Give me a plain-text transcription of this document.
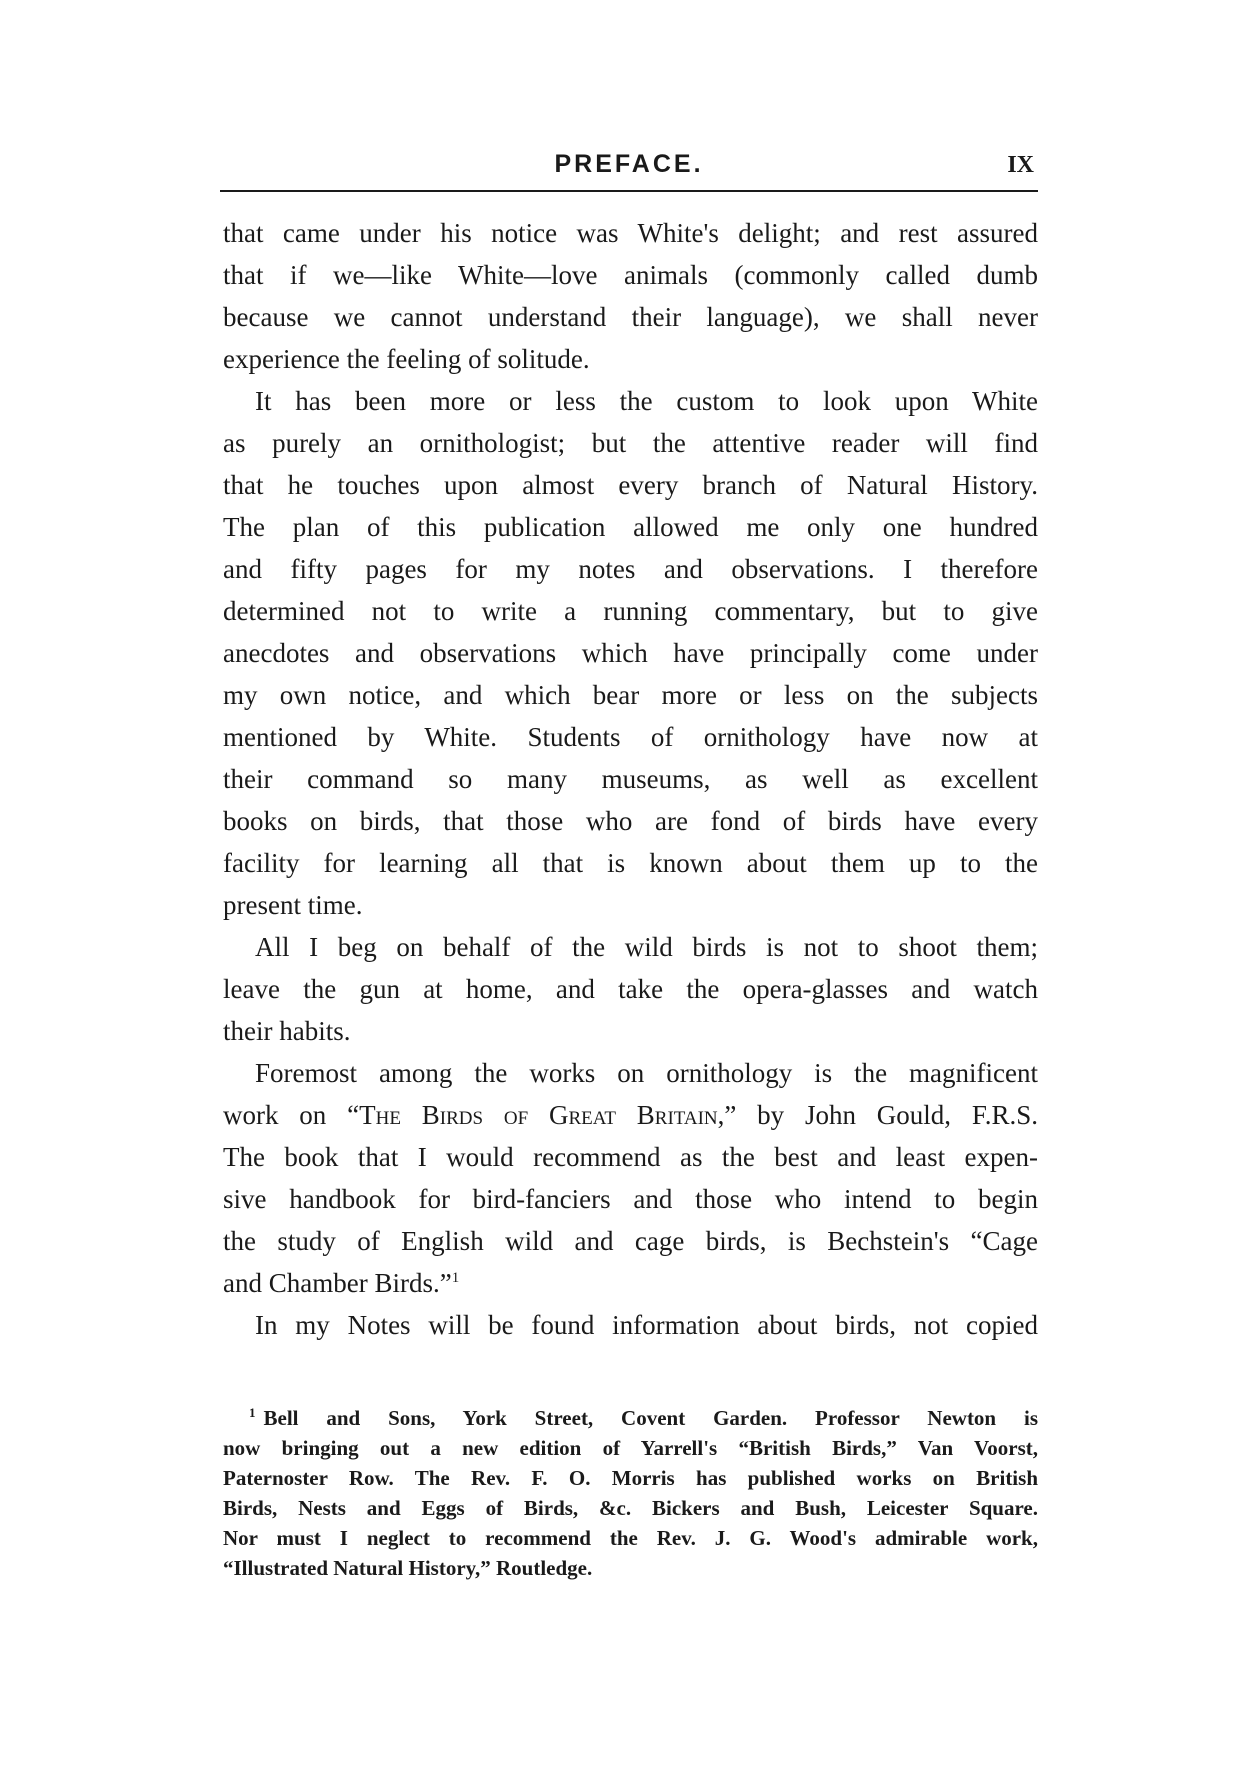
PREFACE.	IX
that came under his notice was White's delight; and rest assured
that if we—like White—love animals (commonly called dumb
because we cannot understand their language), we shall never
experience the feeling of solitude.
It has been more or less the custom to look upon White
as purely an ornithologist; but the attentive reader will find
that he touches upon almost every branch of Natural History.
The plan of this publication allowed me only one hundred
and fifty pages for my notes and observations. I therefore
determined not to write a running commentary, but to give
anecdotes and observations which have principally come under
my own notice, and which bear more or less on the subjects
mentioned by White. Students of ornithology have now at
their command so many museums, as well as excellent
books on birds, that those who are fond of birds have every
facility for learning all that is known about them up to the
present time.
All I beg on behalf of the wild birds is not to shoot them;
leave the gun at home, and take the opera-glasses and watch
their habits.
Foremost among the works on ornithology is the magnificent
work on “The Birds of Great Britain,” by John Gould, F.R.S.
The book that I would recommend as the best and least expen-
sive handbook for bird-fanciers and those who intend to begin
the study of English wild and cage birds, is Bechstein's “Cage
and Chamber Birds.”$^1$
In my Notes will be found information about birds, not copied
$^1$ Bell and Sons, York Street, Covent Garden. Professor Newton is
now bringing out a new edition of Yarrell's “British Birds,” Van Voorst,
Paternoster Row. The Rev. F. O. Morris has published works on British
Birds, Nests and Eggs of Birds, &c. Bickers and Bush, Leicester Square.
Nor must I neglect to recommend the Rev. J. G. Wood's admirable work,
“Illustrated Natural History,” Routledge.
